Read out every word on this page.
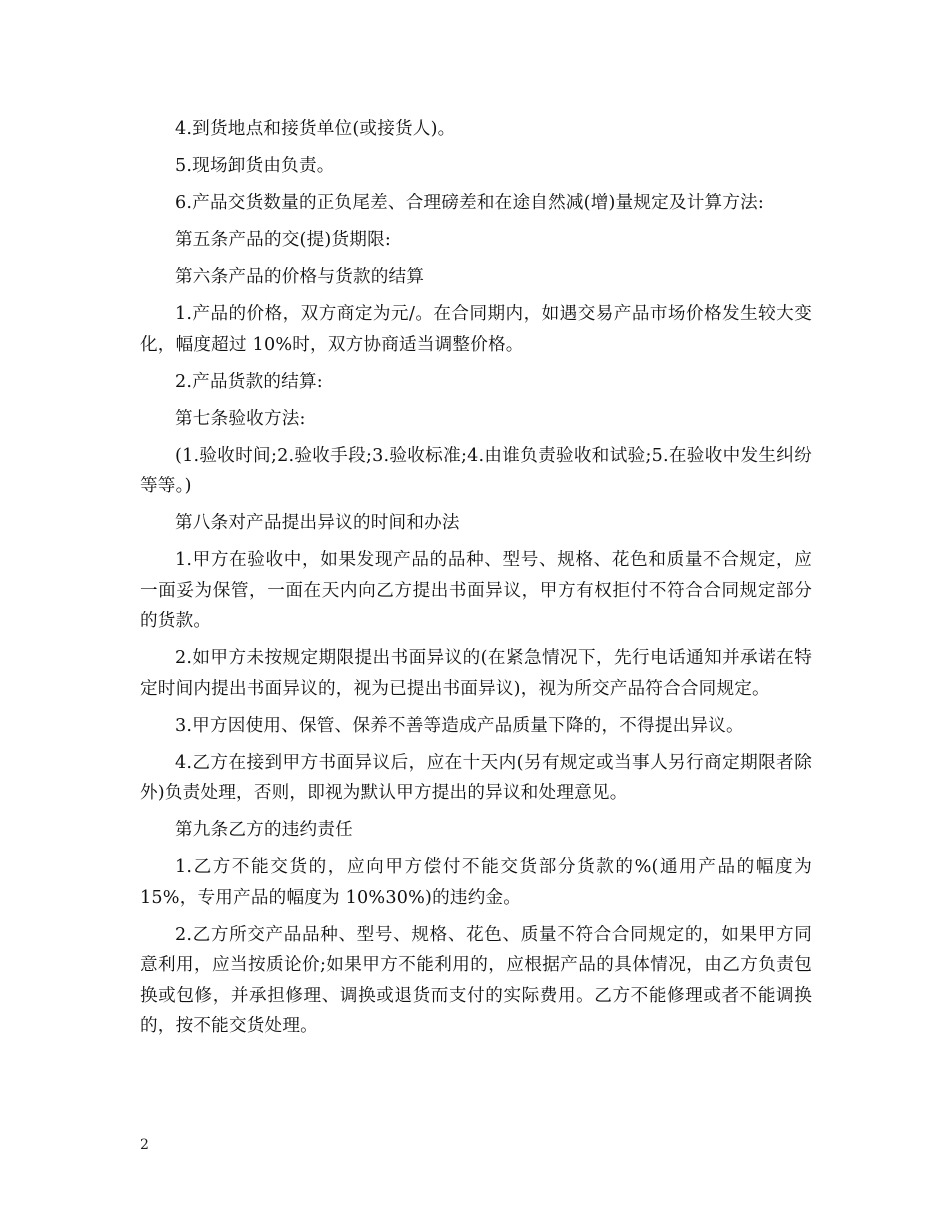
4.到货地点和接货单位(或接货人)。

5.现场卸货由负责。

6.产品交货数量的正负尾差、合理磅差和在途自然减(增)量规定及计算方法:

第五条产品的交(提)货期限:

第六条产品的价格与货款的结算

1.产品的价格，双方商定为元/。在合同期内，如遇交易产品市场价格发生较大变化，幅度超过 10%时，双方协商适当调整价格。

2.产品货款的结算:

第七条验收方法:

(1.验收时间;2.验收手段;3.验收标准;4.由谁负责验收和试验;5.在验收中发生纠纷等等。)

第八条对产品提出异议的时间和办法

1.甲方在验收中，如果发现产品的品种、型号、规格、花色和质量不合规定，应一面妥为保管，一面在天内向乙方提出书面异议，甲方有权拒付不符合合同规定部分的货款。

2.如甲方未按规定期限提出书面异议的(在紧急情况下，先行电话通知并承诺在特定时间内提出书面异议的，视为已提出书面异议)，视为所交产品符合合同规定。

3.甲方因使用、保管、保养不善等造成产品质量下降的，不得提出异议。

4.乙方在接到甲方书面异议后，应在十天内(另有规定或当事人另行商定期限者除外)负责处理，否则，即视为默认甲方提出的异议和处理意见。

第九条乙方的违约责任

1.乙方不能交货的，应向甲方偿付不能交货部分货款的%(通用产品的幅度为15%，专用产品的幅度为 10%30%)的违约金。

2.乙方所交产品品种、型号、规格、花色、质量不符合合同规定的，如果甲方同意利用，应当按质论价;如果甲方不能利用的，应根据产品的具体情况，由乙方负责包换或包修，并承担修理、调换或退货而支付的实际费用。乙方不能修理或者不能调换的，按不能交货处理。

2
